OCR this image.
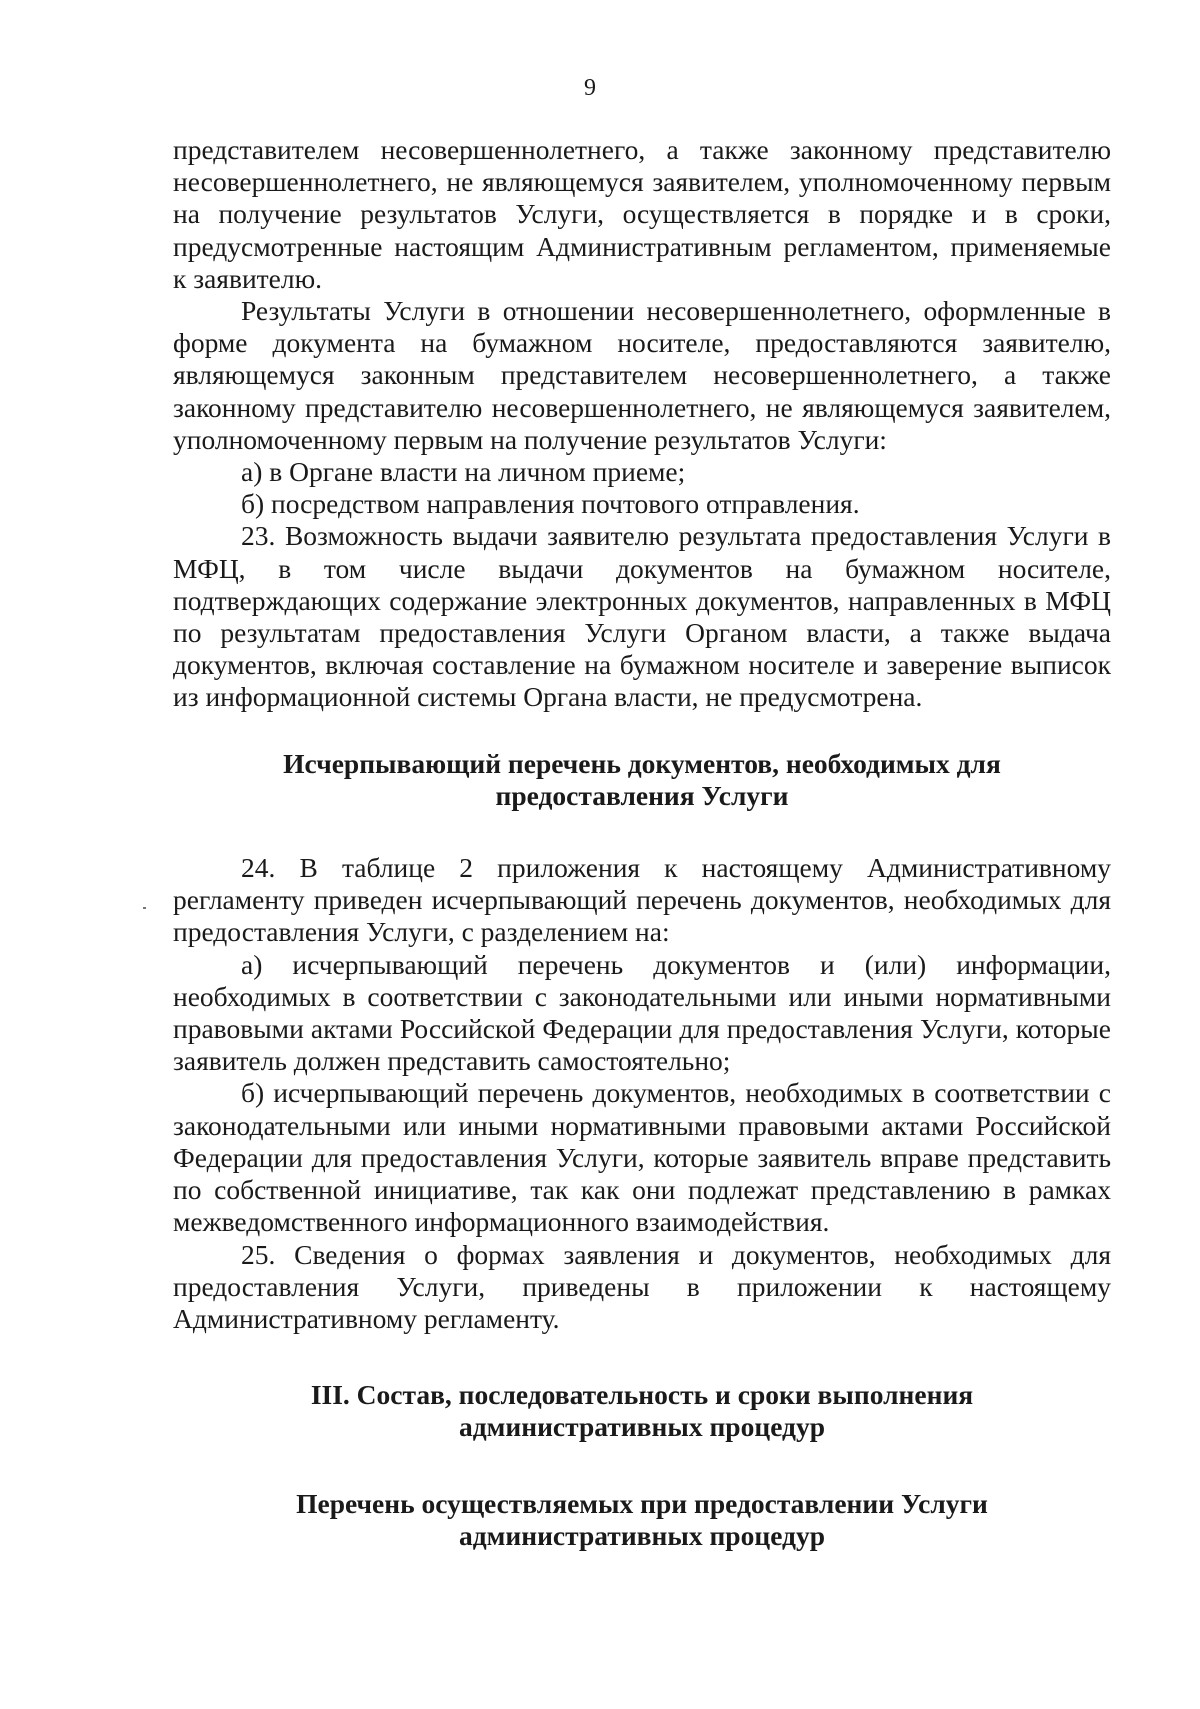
9

представителем несовершеннолетнего, а также законному представителю несовершеннолетнего, не являющемуся заявителем, уполномоченному первым на получение результатов Услуги, осуществляется в порядке и в сроки, предусмотренные настоящим Административным регламентом, применяемые к заявителю.

Результаты Услуги в отношении несовершеннолетнего, оформленные в форме документа на бумажном носителе, предоставляются заявителю, являющемуся законным представителем несовершеннолетнего, а также законному представителю несовершеннолетнего, не являющемуся заявителем, уполномоченному первым на получение результатов Услуги:

а) в Органе власти на личном приеме;

б) посредством направления почтового отправления.

23. Возможность выдачи заявителю результата предоставления Услуги в МФЦ, в том числе выдачи документов на бумажном носителе, подтверждающих содержание электронных документов, направленных в МФЦ по результатам предоставления Услуги Органом власти, а также выдача документов, включая составление на бумажном носителе и заверение выписок из информационной системы Органа власти, не предусмотрена.

Исчерпывающий перечень документов, необходимых для
предоставления Услуги

24. В таблице 2 приложения к настоящему Административному регламенту приведен исчерпывающий перечень документов, необходимых для предоставления Услуги, с разделением на:

а) исчерпывающий перечень документов и (или) информации, необходимых в соответствии с законодательными или иными нормативными правовыми актами Российской Федерации для предоставления Услуги, которые заявитель должен представить самостоятельно;

б) исчерпывающий перечень документов, необходимых в соответствии с законодательными или иными нормативными правовыми актами Российской Федерации для предоставления Услуги, которые заявитель вправе представить по собственной инициативе, так как они подлежат представлению в рамках межведомственного информационного взаимодействия.

25. Сведения о формах заявления и документов, необходимых для предоставления Услуги, приведены в приложении к настоящему Административному регламенту.

III. Состав, последовательность и сроки выполнения
административных процедур

Перечень осуществляемых при предоставлении Услуги
административных процедур
